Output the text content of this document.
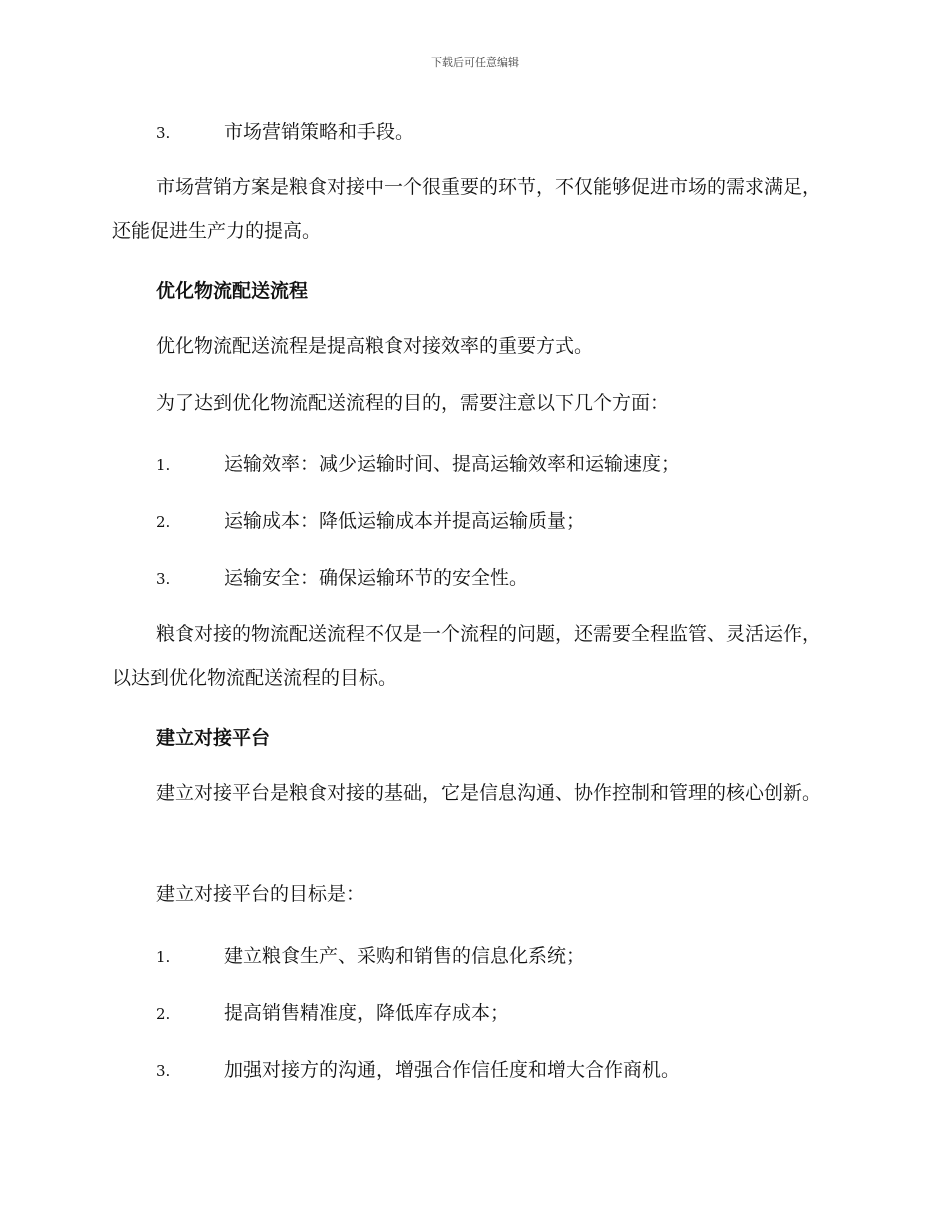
下载后可任意编辑
3.	市场营销策略和手段。
市场营销方案是粮食对接中一个很重要的环节，不仅能够促进市场的需求满足，还能促进生产力的提高。
优化物流配送流程
优化物流配送流程是提高粮食对接效率的重要方式。
为了达到优化物流配送流程的目的，需要注意以下几个方面：
1.	运输效率：减少运输时间、提高运输效率和运输速度；
2.	运输成本：降低运输成本并提高运输质量；
3.	运输安全：确保运输环节的安全性。
粮食对接的物流配送流程不仅是一个流程的问题，还需要全程监管、灵活运作，以达到优化物流配送流程的目标。
建立对接平台
建立对接平台是粮食对接的基础，它是信息沟通、协作控制和管理的核心创新。
建立对接平台的目标是：
1.	建立粮食生产、采购和销售的信息化系统；
2.	提高销售精准度，降低库存成本；
3.	加强对接方的沟通，增强合作信任度和增大合作商机。
